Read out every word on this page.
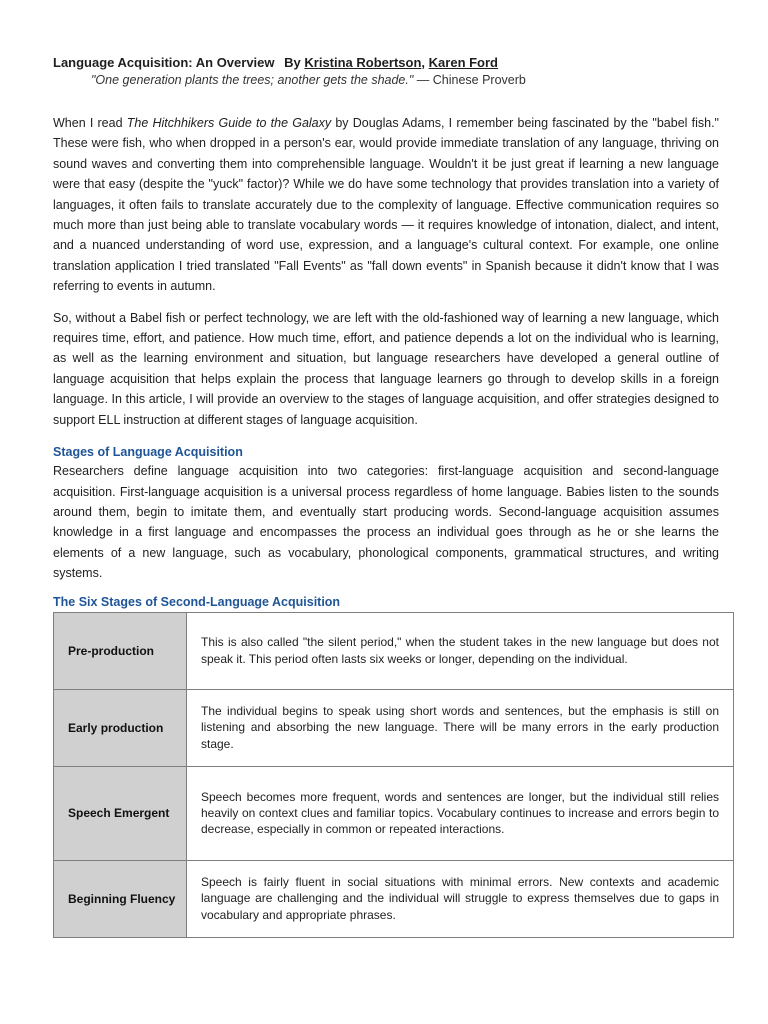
Language Acquisition: An Overview By Kristina Robertson, Karen Ford
"One generation plants the trees; another gets the shade." — Chinese Proverb

When I read The Hitchhikers Guide to the Galaxy by Douglas Adams, I remember being fascinated by the "babel fish." These were fish, who when dropped in a person's ear, would provide immediate translation of any language, thriving on sound waves and converting them into comprehensible language. Wouldn't it be just great if learning a new language were that easy (despite the "yuck" factor)? While we do have some technology that provides translation into a variety of languages, it often fails to translate accurately due to the complexity of language. Effective communication requires so much more than just being able to translate vocabulary words — it requires knowledge of intonation, dialect, and intent, and a nuanced understanding of word use, expression, and a language's cultural context. For example, one online translation application I tried translated "Fall Events" as "fall down events" in Spanish because it didn't know that I was referring to events in autumn.

So, without a Babel fish or perfect technology, we are left with the old-fashioned way of learning a new language, which requires time, effort, and patience. How much time, effort, and patience depends a lot on the individual who is learning, as well as the learning environment and situation, but language researchers have developed a general outline of language acquisition that helps explain the process that language learners go through to develop skills in a foreign language. In this article, I will provide an overview to the stages of language acquisition, and offer strategies designed to support ELL instruction at different stages of language acquisition.

Stages of Language Acquisition

Researchers define language acquisition into two categories: first-language acquisition and second-language acquisition. First-language acquisition is a universal process regardless of home language. Babies listen to the sounds around them, begin to imitate them, and eventually start producing words. Second-language acquisition assumes knowledge in a first language and encompasses the process an individual goes through as he or she learns the elements of a new language, such as vocabulary, phonological components, grammatical structures, and writing systems.

The Six Stages of Second-Language Acquisition
Pre-production	This is also called "the silent period," when the student takes in the new language but does not speak it. This period often lasts six weeks or longer, depending on the individual.
Early production	The individual begins to speak using short words and sentences, but the emphasis is still on listening and absorbing the new language. There will be many errors in the early production stage.
Speech Emergent	Speech becomes more frequent, words and sentences are longer, but the individual still relies heavily on context clues and familiar topics. Vocabulary continues to increase and errors begin to decrease, especially in common or repeated interactions.
Beginning Fluency	Speech is fairly fluent in social situations with minimal errors. New contexts and academic language are challenging and the individual will struggle to express themselves due to gaps in vocabulary and appropriate phrases.
